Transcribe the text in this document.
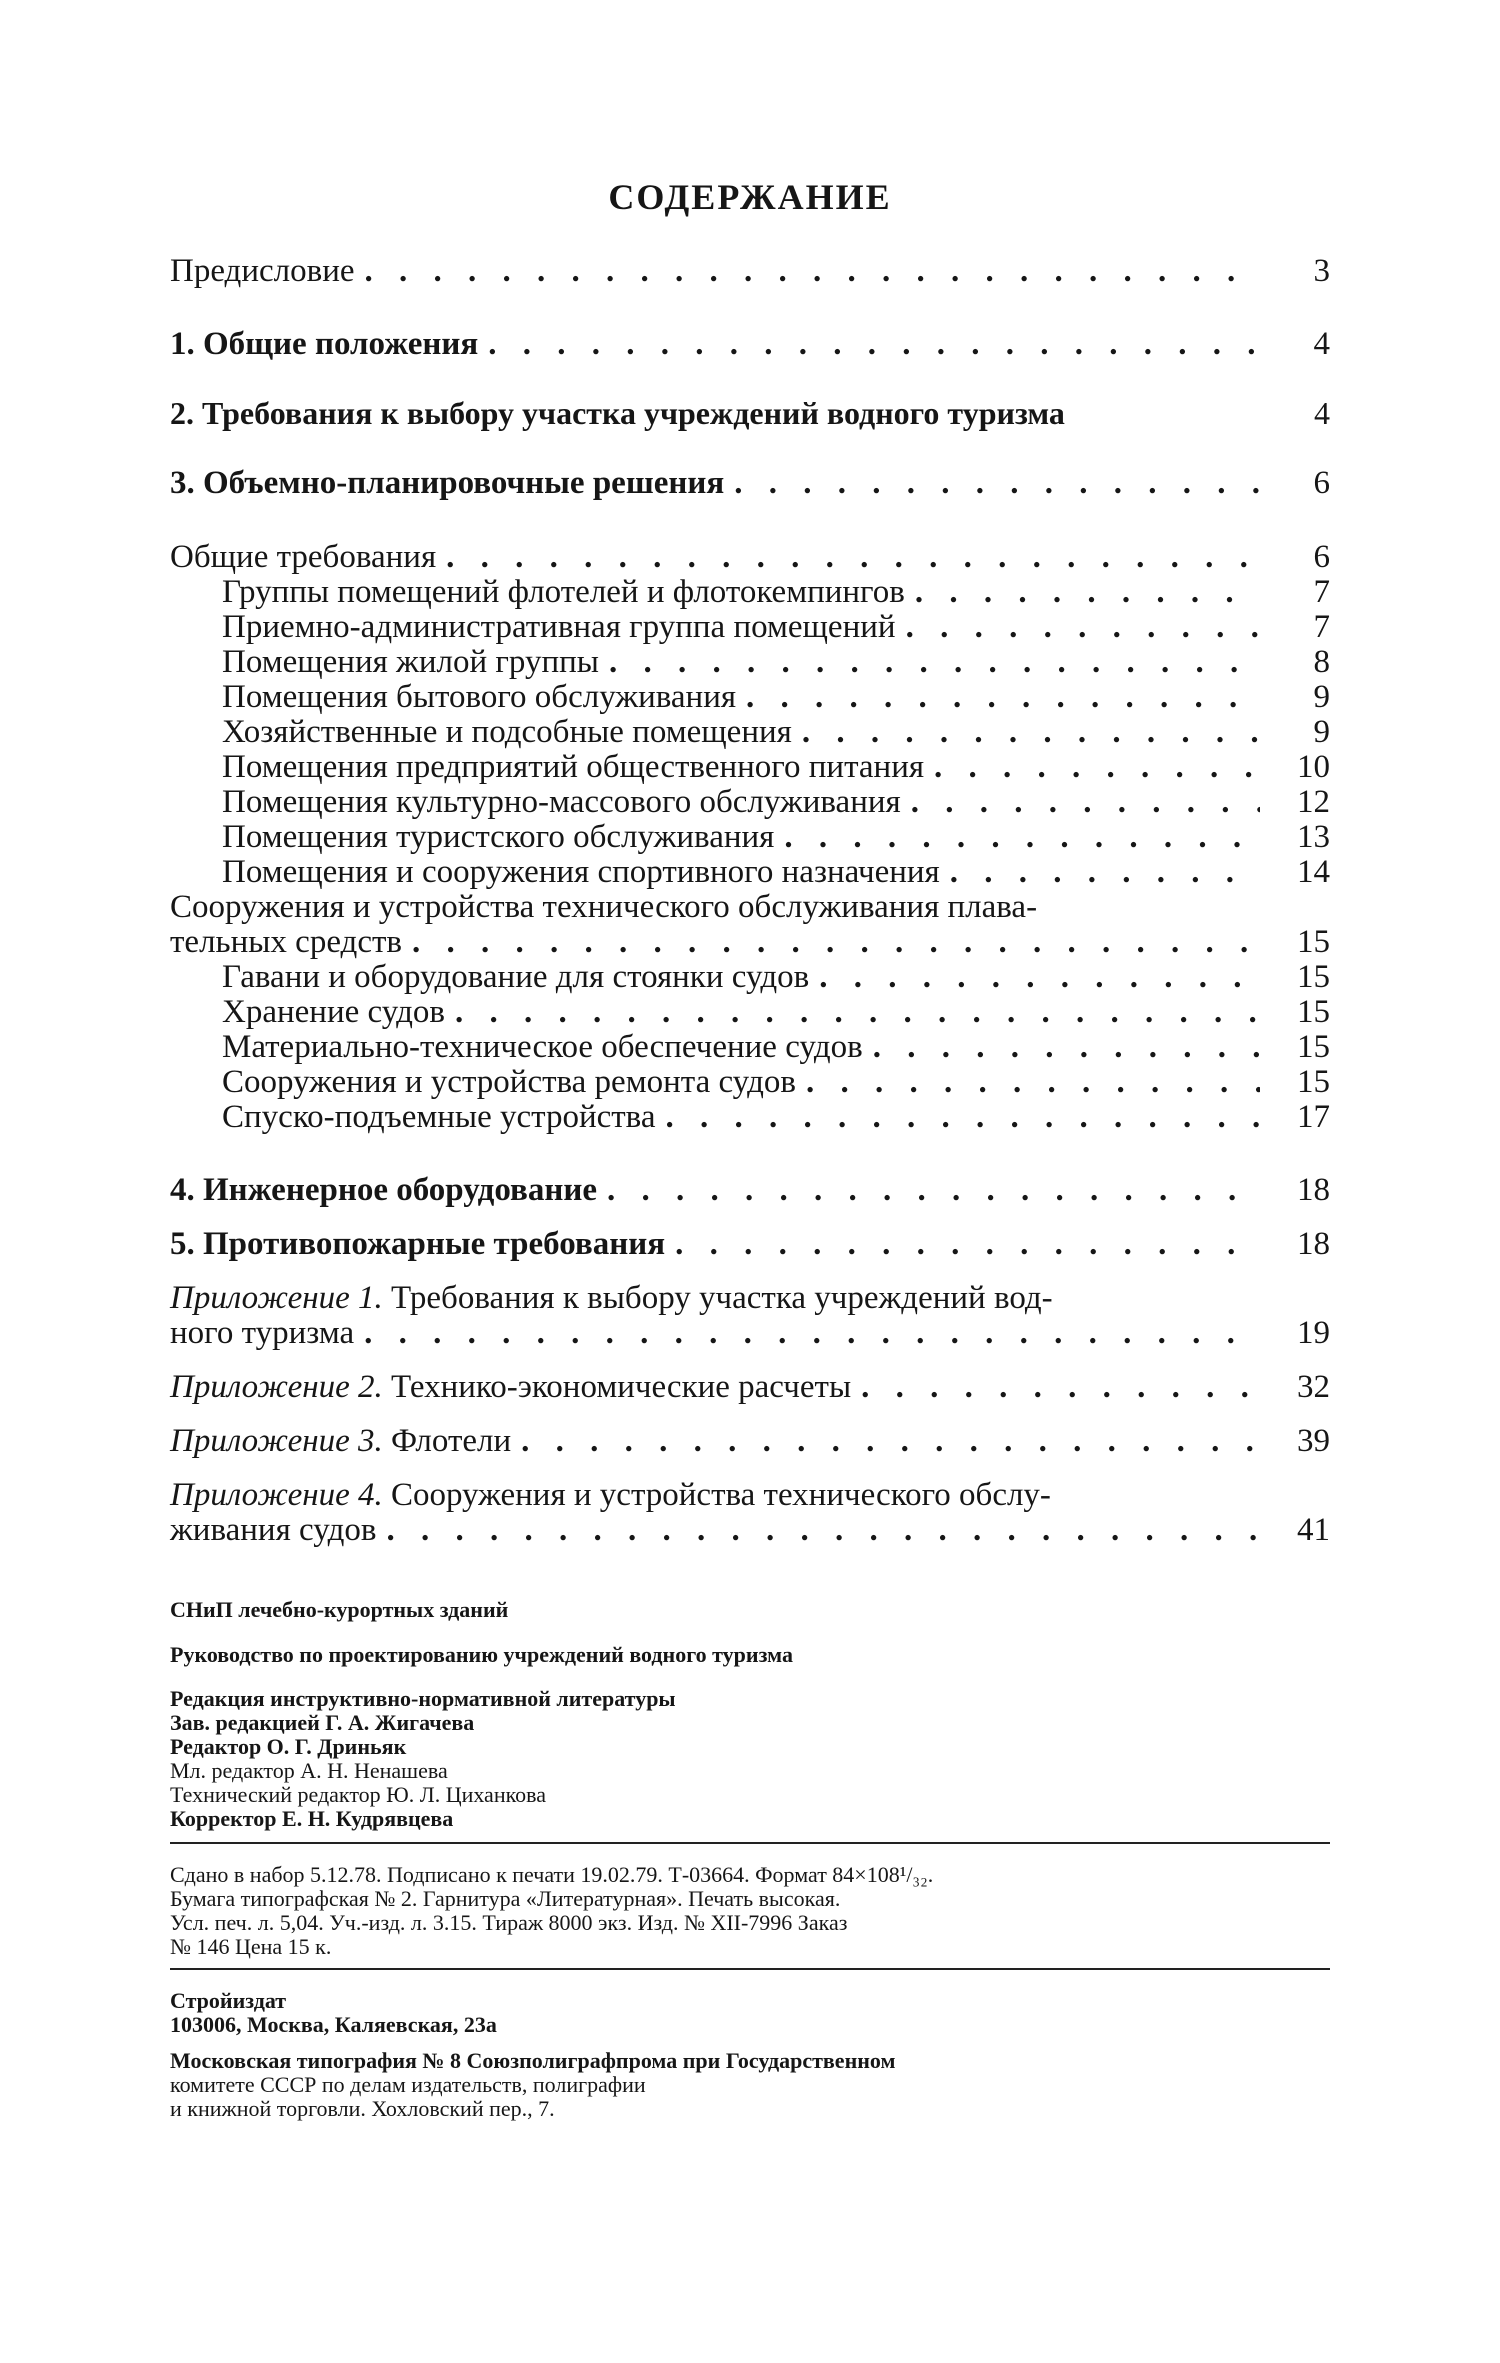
СОДЕРЖАНИЕ
Предисловие . . .	3
1. Общие положения . . .	4
2. Требования к выбору участка учреждений водного туризма	4
3. Объемно-планировочные решения . . .	6
Общие требования . . .	6
Группы помещений флотелей и флотокемпингов . . .	7
Приемно-административная группа помещений . . .	7
Помещения жилой группы . . .	8
Помещения бытового обслуживания . . .	9
Хозяйственные и подсобные помещения . . .	9
Помещения предприятий общественного питания . . .	10
Помещения культурно-массового обслуживания . . .	12
Помещения туристского обслуживания . . .	13
Помещения и сооружения спортивного назначения . . .	14
Сооружения и устройства технического обслуживания плава-
тельных средств . . .	15
Гавани и оборудование для стоянки судов . . .	15
Хранение судов . . .	15
Материально-техническое обеспечение судов . . .	15
Сооружения и устройства ремонта судов . . .	15
Спуско-подъемные устройства . . .	17
4. Инженерное оборудование . . .	18
5. Противопожарные требования . . .	18
Приложение 1. Требования к выбору участка учреждений вод-
ного туризма . . .	19
Приложение 2. Технико-экономические расчеты . . .	32
Приложение 3. Флотели . . .	39
Приложение 4. Сооружения и устройства технического обслу-
живания судов . . .	41
СНиП лечебно-курортных зданий
Руководство по проектированию учреждений водного туризма
Редакция инструктивно-нормативной литературы
Зав. редакцией Г. А. Жигачева
Редактор О. Г. Дриньяк
Мл. редактор А. Н. Ненашева
Технический редактор Ю. Л. Циханкова
Корректор Е. Н. Кудрявцева
Сдано в набор 5.12.78. Подписано к печати 19.02.79. Т-03664. Формат 84×108¹/₃₂.
Бумага типографская № 2. Гарнитура «Литературная». Печать высокая.
Усл. печ. л. 5,04. Уч.-изд. л. 3.15. Тираж 8000 экз. Изд. № XII-7996 Заказ
№ 146 Цена 15 к.
Стройиздат
103006, Москва, Каляевская, 23а
Московская типография № 8 Союзполиграфпрома при Государственном
комитете СССР по делам издательств, полиграфии
и книжной торговли. Хохловский пер., 7.
